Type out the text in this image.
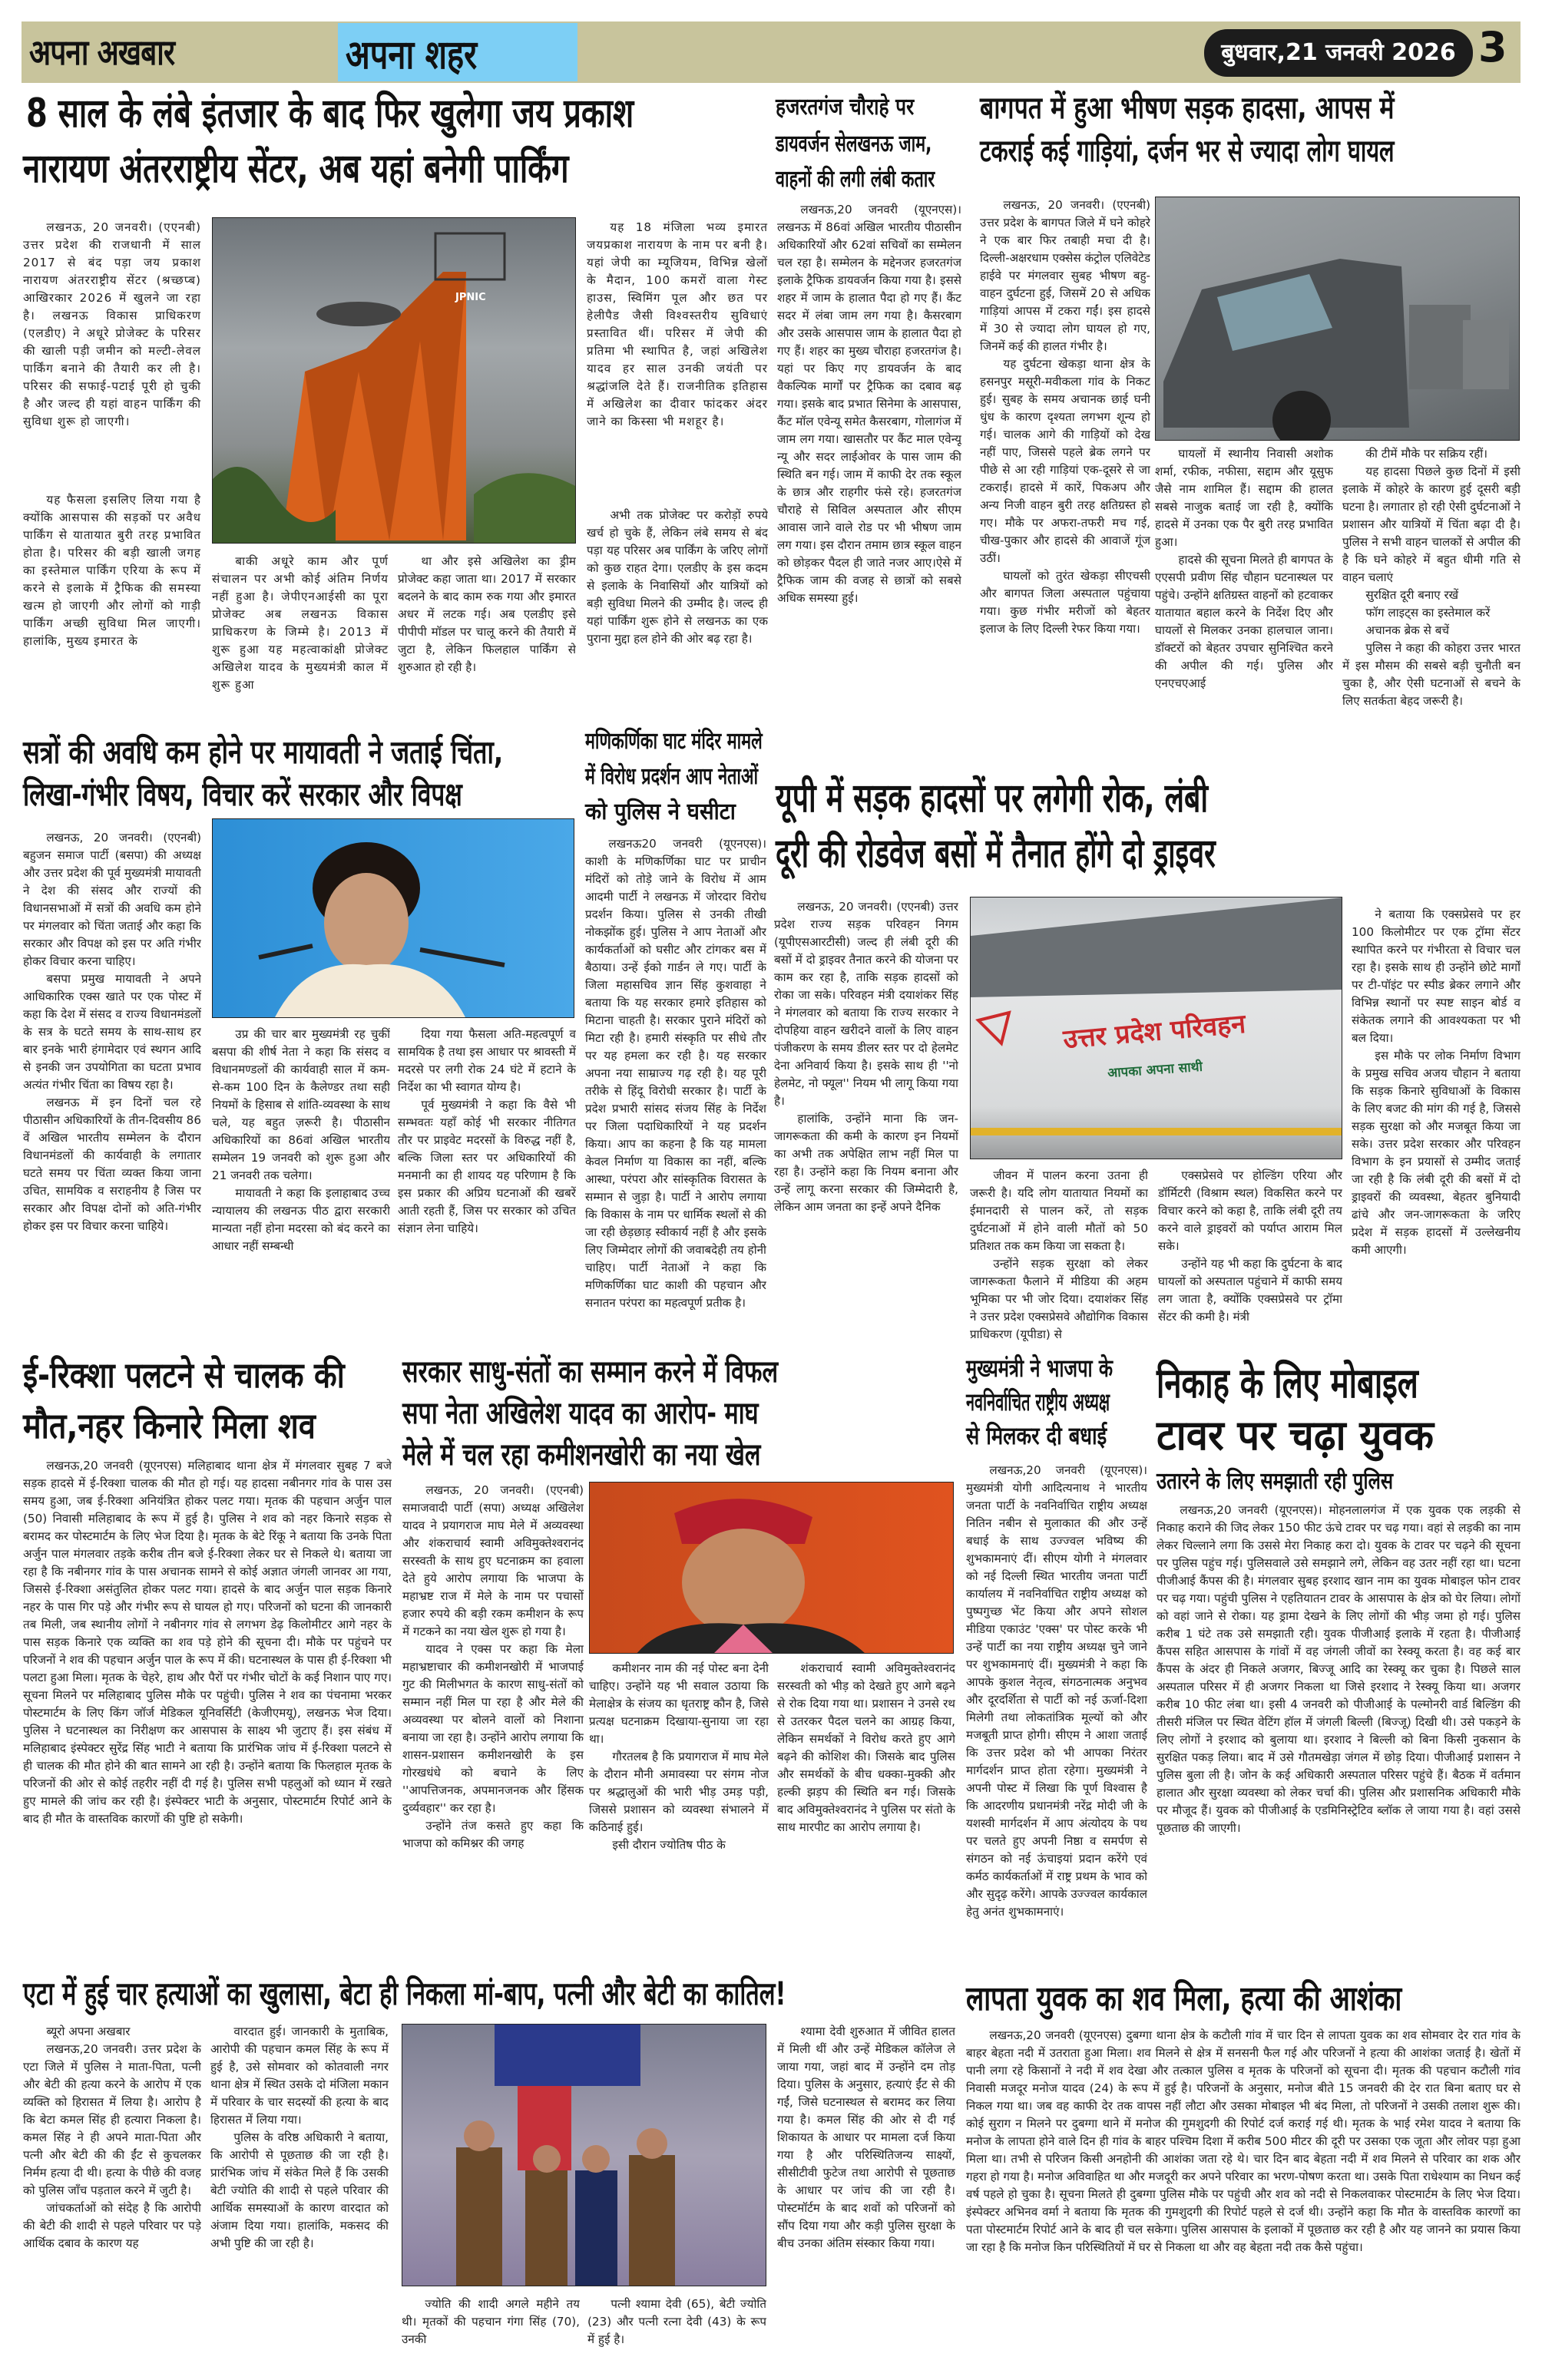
अपना अखबार	अपना शहर	बुधवार,21 जनवरी 2026 3
8 साल के लंबे इंतजार के बाद फिर खुलेगा जय प्रकाश
नारायण अंतरराष्ट्रीय सेंटर, अब यहां बनेगी पार्किंग

लखनऊ, 20 जनवरी। (एएनबी) उत्तर प्रदेश की राजधानी में साल 2017 से बंद पड़ा जय प्रकाश नारायण अंतरराष्ट्रीय सेंटर (श्रच्छप्ब) आखिरकार 2026 में खुलने जा रहा है। लखनऊ विकास प्राधिकरण (एलडीए) ने अधूरे प्रोजेक्ट के परिसर की खाली पड़ी जमीन को मल्टी-लेवल पार्किंग बनाने की तैयारी कर ली है। परिसर की सफाई-पटाई पूरी हो चुकी है और जल्द ही यहां वाहन पार्किंग की सुविधा शुरू हो जाएगी।

यह फैसला इसलिए लिया गया है क्योंकि आसपास की सड़कों पर अवैध पार्किंग से यातायात बुरी तरह प्रभावित होता है। परिसर की बड़ी खाली जगह का इस्तेमाल पार्किंग एरिया के रूप में करने से इलाके में ट्रैफिक की समस्या खत्म हो जाएगी और लोगों को गाड़ी पार्किंग अच्छी सुविधा मिल जाएगी। हालांकि, मुख्य इमारत के

JPNIC

बाकी अधूरे काम और पूर्ण संचालन पर अभी कोई अंतिम निर्णय नहीं हुआ है। जेपीएनआईसी का पूरा प्रोजेक्ट अब लखनऊ विकास प्राधिकरण के जिम्मे है। 2013 में शुरू हुआ यह महत्वाकांक्षी प्रोजेक्ट अखिलेश यादव के मुख्यमंत्री काल में शुरू हुआ

था और इसे अखिलेश का ड्रीम प्रोजेक्ट कहा जाता था। 2017 में सरकार बदलने के बाद काम रुक गया और इमारत अधर में लटक गई। अब एलडीए इसे पीपीपी मॉडल पर चालू करने की तैयारी में जुटा है, लेकिन फिलहाल पार्किंग से शुरुआत हो रही है।

यह 18 मंजिला भव्य इमारत जयप्रकाश नारायण के नाम पर बनी है। यहां जेपी का म्यूजियम, विभिन्न खेलों के मैदान, 100 कमरों वाला गेस्ट हाउस, स्विमिंग पूल और छत पर हेलीपैड जैसी विश्वस्तरीय सुविधाएं प्रस्तावित थीं। परिसर में जेपी की प्रतिमा भी स्थापित है, जहां अखिलेश यादव हर साल उनकी जयंती पर श्रद्धांजलि देते हैं। राजनीतिक इतिहास में अखिलेश का दीवार फांदकर अंदर जाने का किस्सा भी मशहूर है।

अभी तक प्रोजेक्ट पर करोड़ों रुपये खर्च हो चुके हैं, लेकिन लंबे समय से बंद पड़ा यह परिसर अब पार्किंग के जरिए लोगों को कुछ राहत देगा। एलडीए के इस कदम से इलाके के निवासियों और यात्रियों को बड़ी सुविधा मिलने की उम्मीद है। जल्द ही यहां पार्किंग शुरू होने से लखनऊ का एक पुराना मुद्दा हल होने की ओर बढ़ रहा है।

हजरतगंज चौराहे पर
डायवर्जन सेलखनऊ जाम,
वाहनों की लगी लंबी कतार

लखनऊ,20 जनवरी (यूएनएस)। लखनऊ में 86वां अखिल भारतीय पीठासीन अधिकारियों और 62वां सचिवों का सम्मेलन चल रहा है। सम्मेलन के मद्देनजर हजरतगंज इलाके ट्रैफिक डायवर्जन किया गया है। इससे शहर में जाम के हालात पैदा हो गए हैं। कैंट सदर में लंबा जाम लग गया है। कैसरबाग और उसके आसपास जाम के हालात पैदा हो गए हैं। शहर का मुख्य चौराहा हजरतगंज है। यहां पर किए गए डायवर्जन के बाद वैकल्पिक मार्गों पर ट्रैफिक का दबाव बढ़ गया। इसके बाद प्रभात सिनेमा के आसपास, कैंट मॉल एवेन्यू समेत कैसरबाग, गोलागंज में जाम लग गया। खासतौर पर कैंट माल एवेन्यू न्यू और सदर लाईओवर के पास जाम की स्थिति बन गई। जाम में काफी देर तक स्कूल के छात्र और राहगीर फंसे रहे। हजरतगंज चौराहे से सिविल अस्पताल और सीएम आवास जाने वाले रोड पर भी भीषण जाम लग गया। इस दौरान तमाम छात्र स्कूल वाहन को छोड़कर पैदल ही जाते नजर आए।ऐसे में ट्रैफिक जाम की वजह से छात्रों को सबसे अधिक समस्या हुई।

बागपत में हुआ भीषण सड़क हादसा, आपस में
टकराई कई गाड़ियां, दर्जन भर से ज्यादा लोग घायल

लखनऊ, 20 जनवरी। (एएनबी) उत्तर प्रदेश के बागपत जिले में घने कोहरे ने एक बार फिर तबाही मचा दी है। दिल्ली-अक्षरधाम एक्सेस कंट्रोल एलिवेटेड हाईवे पर मंगलवार सुबह भीषण बहु-वाहन दुर्घटना हुई, जिसमें 20 से अधिक गाड़ियां आपस में टकरा गईं। इस हादसे में 30 से ज्यादा लोग घायल हो गए, जिनमें कई की हालत गंभीर है।

यह दुर्घटना खेकड़ा थाना क्षेत्र के हसनपुर मसूरी-मवीकला गांव के निकट हुई। सुबह के समय अचानक छाई घनी धुंध के कारण दृश्यता लगभग शून्य हो गई। चालक आगे की गाड़ियों को देख नहीं पाए, जिससे पहले ब्रेक लगने पर पीछे से आ रही गाड़ियां एक-दूसरे से जा टकराईं। हादसे में कारें, पिकअप और अन्य निजी वाहन बुरी तरह क्षतिग्रस्त हो गए। मौके पर अफरा-तफरी मच गई, चीख-पुकार और हादसे की आवाजें गूंज उठीं।

घायलों को तुरंत खेकड़ा सीएचसी और बागपत जिला अस्पताल पहुंचाया गया। कुछ गंभीर मरीजों को बेहतर इलाज के लिए दिल्ली रेफर किया गया।

घायलों में स्थानीय निवासी अशोक शर्मा, रफीक, नफीसा, सद्दाम और यूसुफ जैसे नाम शामिल हैं। सद्दाम की हालत सबसे नाजुक बताई जा रही है, क्योंकि हादसे में उनका एक पैर बुरी तरह प्रभावित हुआ।

हादसे की सूचना मिलते ही बागपत के एएसपी प्रवीण सिंह चौहान घटनास्थल पर पहुंचे। उन्होंने क्षतिग्रस्त वाहनों को हटवाकर यातायात बहाल करने के निर्देश दिए और घायलों से मिलकर उनका हालचाल जाना। डॉक्टरों को बेहतर उपचार सुनिश्चित करने की अपील की गई। पुलिस और एनएचएआई

की टीमें मौके पर सक्रिय रहीं।

यह हादसा पिछले कुछ दिनों में इसी इलाके में कोहरे के कारण हुई दूसरी बड़ी घटना है। लगातार हो रही ऐसी दुर्घटनाओं ने प्रशासन और यात्रियों में चिंता बढ़ा दी है। पुलिस ने सभी वाहन चालकों से अपील की है कि घने कोहरे में बहुत धीमी गति से वाहन चलाएं

सुरक्षित दूरी बनाए रखें

फॉग लाइट्स का इस्तेमाल करें

अचानक ब्रेक से बचें

पुलिस ने कहा की कोहरा उत्तर भारत में इस मौसम की सबसे बड़ी चुनौती बन चुका है, और ऐसी घटनाओं से बचने के लिए सतर्कता बेहद जरूरी है।

सत्रों की अवधि कम होने पर मायावती ने जताई चिंता,
लिखा-गंभीर विषय, विचार करें सरकार और विपक्ष

लखनऊ, 20 जनवरी। (एएनबी) बहुजन समाज पार्टी (बसपा) की अध्यक्ष और उत्तर प्रदेश की पूर्व मुख्यमंत्री मायावती ने देश की संसद और राज्यों की विधानसभाओं में सत्रों की अवधि कम होने पर मंगलवार को चिंता जताई और कहा कि सरकार और विपक्ष को इस पर अति गंभीर होकर विचार करना चाहिए।

बसपा प्रमुख मायावती ने अपने आधिकारिक एक्स खाते पर एक पोस्ट में कहा कि देश में संसद व राज्य विधानमंडलों के सत्र के घटते समय के साथ-साथ हर बार इनके भारी हंगामेदार एवं स्थगन आदि से इनकी जन उपयोगिता का घटता प्रभाव अत्यंत गंभीर चिंता का विषय रहा है।

लखनऊ में इन दिनों चल रहे पीठासीन अधिकारियों के तीन-दिवसीय 86 वें अखिल भारतीय सम्मेलन के दौरान विधानमंडलों की कार्यवाही के लगातार घटते समय पर चिंता व्यक्त किया जाना उचित, सामयिक व सराहनीय है जिस पर सरकार और विपक्ष दोनों को अति-गंभीर होकर इस पर विचार करना चाहिये।

उप्र की चार बार मुख्यमंत्री रह चुकीं बसपा की शीर्ष नेता ने कहा कि संसद व विधानमण्डलों की कार्यवाही साल में कम-से-कम 100 दिन के कैलेण्डर तथा सही नियमों के हिसाब से शांति-व्यवस्था के साथ चले, यह बहुत ज़रूरी है। पीठासीन अधिकारियों का 86वां अखिल भारतीय सम्मेलन 19 जनवरी को शुरू हुआ और 21 जनवरी तक चलेगा।

मायावती ने कहा कि इलाहाबाद उच्च न्यायालय की लखनऊ पीठ द्वारा सरकारी मान्यता नहीं होना मदरसा को बंद करने का आधार नहीं सम्बन्धी

दिया गया फैसला अति-महत्वपूर्ण व सामयिक है तथा इस आधार पर श्रावस्ती में मदरसे पर लगी रोक 24 घंटे में हटाने के निर्देश का भी स्वागत योग्य है।

पूर्व मुख्यमंत्री ने कहा कि वैसे भी सम्भवतः यहाँ कोई भी सरकार नीतिगत तौर पर प्राइवेट मदरसों के विरुद्ध नहीं है, बल्कि जिला स्तर पर अधिकारियों की मनमानी का ही शायद यह परिणाम है कि इस प्रकार की अप्रिय घटनाओं की खबरें आती रहती हैं, जिस पर सरकार को उचित संज्ञान लेना चाहिये।

मणिकर्णिका घाट मंदिर मामले
में विरोध प्रदर्शन आप नेताओं
को पुलिस ने घसीटा

लखनऊ20 जनवरी (यूएनएस)। काशी के मणिकर्णिका घाट पर प्राचीन मंदिरों को तोड़े जाने के विरोध में आम आदमी पार्टी ने लखनऊ में जोरदार विरोध प्रदर्शन किया। पुलिस से उनकी तीखी नोकझोंक हुई। पुलिस ने आप नेताओं और कार्यकर्ताओं को घसीट और टांगकर बस में बैठाया। उन्हें ईको गार्डन ले गए। पार्टी के जिला महासचिव ज्ञान सिंह कुशवाहा ने बताया कि यह सरकार हमारे इतिहास को मिटाना चाहती है। सरकार पुराने मंदिरों को मिटा रही है। हमारी संस्कृति पर सीधे तौर पर यह हमला कर रही है। यह सरकार अपना नया साम्राज्य गढ़ रही है। यह पूरी तरीके से हिंदू विरोधी सरकार है। पार्टी के प्रदेश प्रभारी सांसद संजय सिंह के निर्देश पर जिला पदाधिकारियों ने यह प्रदर्शन किया। आप का कहना है कि यह मामला केवल निर्माण या विकास का नहीं, बल्कि आस्था, परंपरा और सांस्कृतिक विरासत के सम्मान से जुड़ा है। पार्टी ने आरोप लगाया कि विकास के नाम पर धार्मिक स्थलों से की जा रही छेड़छाड़ स्वीकार्य नहीं है और इसके लिए जिम्मेदार लोगों की जवाबदेही तय होनी चाहिए। पार्टी नेताओं ने कहा कि मणिकर्णिका घाट काशी की पहचान और सनातन परंपरा का महत्वपूर्ण प्रतीक है।

यूपी में सड़क हादसों पर लगेगी रोक, लंबी
दूरी की रोडवेज बसों में तैनात होंगे दो ड्राइवर

लखनऊ, 20 जनवरी। (एएनबी) उत्तर प्रदेश राज्य सड़क परिवहन निगम (यूपीएसआरटीसी) जल्द ही लंबी दूरी की बसों में दो ड्राइवर तैनात करने की योजना पर काम कर रहा है, ताकि सड़क हादसों को रोका जा सके। परिवहन मंत्री दयाशंकर सिंह ने मंगलवार को बताया कि राज्य सरकार ने दोपहिया वाहन खरीदने वालों के लिए वाहन पंजीकरण के समय डीलर स्तर पर दो हेलमेट देना अनिवार्य किया है। इसके साथ ही ''नो हेलमेट, नो फ्यूल'' नियम भी लागू किया गया है।

हालांकि, उन्होंने माना कि जन-जागरूकता की कमी के कारण इन नियमों का अभी तक अपेक्षित लाभ नहीं मिल पा रहा है। उन्होंने कहा कि नियम बनाना और उन्हें लागू करना सरकार की जिम्मेदारी है, लेकिन आम जनता का इन्हें अपने दैनिक

उत्तर प्रदेश परिवहन
आपका अपना साथी

जीवन में पालन करना उतना ही जरूरी है। यदि लोग यातायात नियमों का ईमानदारी से पालन करें, तो सड़क दुर्घटनाओं में होने वाली मौतों को 50 प्रतिशत तक कम किया जा सकता है।

उन्होंने सड़क सुरक्षा को लेकर जागरूकता फैलाने में मीडिया की अहम भूमिका पर भी जोर दिया। दयाशंकर सिंह ने उत्तर प्रदेश एक्सप्रेसवे औद्योगिक विकास प्राधिकरण (यूपीडा) से

एक्सप्रेसवे पर होल्डिंग एरिया और डॉर्मिटरी (विश्राम स्थल) विकसित करने पर विचार करने को कहा है, ताकि लंबी दूरी तय करने वाले ड्राइवरों को पर्याप्त आराम मिल सके।

उन्होंने यह भी कहा कि दुर्घटना के बाद घायलों को अस्पताल पहुंचाने में काफी समय लग जाता है, क्योंकि एक्सप्रेसवे पर ट्रॉमा सेंटर की कमी है। मंत्री

ने बताया कि एक्सप्रेसवे पर हर 100 किलोमीटर पर एक ट्रॉमा सेंटर स्थापित करने पर गंभीरता से विचार चल रहा है। इसके साथ ही उन्होंने छोटे मार्गों पर टी-पॉइंट पर स्पीड ब्रेकर लगाने और विभिन्न स्थानों पर स्पष्ट साइन बोर्ड व संकेतक लगाने की आवश्यकता पर भी बल दिया।

इस मौके पर लोक निर्माण विभाग के प्रमुख सचिव अजय चौहान ने बताया कि सड़क किनारे सुविधाओं के विकास के लिए बजट की मांग की गई है, जिससे सड़क सुरक्षा को और मजबूत किया जा सके। उत्तर प्रदेश सरकार और परिवहन विभाग के इन प्रयासों से उम्मीद जताई जा रही है कि लंबी दूरी की बसों में दो ड्राइवरों की व्यवस्था, बेहतर बुनियादी ढांचे और जन-जागरूकता के जरिए प्रदेश में सड़क हादसों में उल्लेखनीय कमी आएगी।

ई-रिक्शा पलटने से चालक की
मौत,नहर किनारे मिला शव

लखनऊ,20 जनवरी (यूएनएस) मलिहाबाद थाना क्षेत्र में मंगलवार सुबह 7 बजे सड़क हादसे में ई-रिक्शा चालक की मौत हो गई। यह हादसा नबीनगर गांव के पास उस समय हुआ, जब ई-रिक्शा अनियंत्रित होकर पलट गया। मृतक की पहचान अर्जुन पाल (50) निवासी मलिहाबाद के रूप में हुई है। पुलिस ने शव को नहर किनारे सड़क से बरामद कर पोस्टमार्टम के लिए भेज दिया है। मृतक के बेटे रिंकू ने बताया कि उनके पिता अर्जुन पाल मंगलवार तड़के करीब तीन बजे ई-रिक्शा लेकर घर से निकले थे। बताया जा रहा है कि नबीनगर गांव के पास अचानक सामने से कोई अज्ञात जंगली जानवर आ गया, जिससे ई-रिक्शा असंतुलित होकर पलट गया। हादसे के बाद अर्जुन पाल सड़क किनारे नहर के पास गिर पड़े और गंभीर रूप से घायल हो गए। परिजनों को घटना की जानकारी तब मिली, जब स्थानीय लोगों ने नबीनगर गांव से लगभग डेढ़ किलोमीटर आगे नहर के पास सड़क किनारे एक व्यक्ति का शव पड़े होने की सूचना दी। मौके पर पहुंचने पर परिजनों ने शव की पहचान अर्जुन पाल के रूप में की। घटनास्थल के पास ही ई-रिक्शा भी पलटा हुआ मिला। मृतक के चेहरे, हाथ और पैरों पर गंभीर चोटों के कई निशान पाए गए। सूचना मिलने पर मलिहाबाद पुलिस मौके पर पहुंची। पुलिस ने शव का पंचनामा भरकर पोस्टमार्टम के लिए किंग जॉर्ज मेडिकल यूनिवर्सिटी (केजीएमयू), लखनऊ भेज दिया। पुलिस ने घटनास्थल का निरीक्षण कर आसपास के साक्ष्य भी जुटाए हैं। इस संबंध में मलिहाबाद इंस्पेक्टर सुरेंद्र सिंह भाटी ने बताया कि प्रारंभिक जांच में ई-रिक्शा पलटने से ही चालक की मौत होने की बात सामने आ रही है। उन्होंने बताया कि फिलहाल मृतक के परिजनों की ओर से कोई तहरीर नहीं दी गई है। पुलिस सभी पहलुओं को ध्यान में रखते हुए मामले की जांच कर रही है। इंस्पेक्टर भाटी के अनुसार, पोस्टमार्टम रिपोर्ट आने के बाद ही मौत के वास्तविक कारणों की पुष्टि हो सकेगी।

सरकार साधु-संतों का सम्मान करने में विफल
सपा नेता अखिलेश यादव का आरोप- माघ
मेले में चल रहा कमीशनखोरी का नया खेल

लखनऊ, 20 जनवरी। (एएनबी) समाजवादी पार्टी (सपा) अध्यक्ष अखिलेश यादव ने प्रयागराज माघ मेले में अव्यवस्था और शंकराचार्य स्वामी अविमुक्तेश्वरानंद सरस्वती के साथ हुए घटनाक्रम का हवाला देते हुये आरोप लगाया कि भाजपा के महाभ्रष्ट राज में मेले के नाम पर पचासों हजार रुपये की बड़ी रकम कमीशन के रूप में गटकने का नया खेल शुरू हो गया है।

यादव ने एक्स पर कहा कि मेला महाभ्रष्टाचार की कमीशनखोरी में भाजपाई गुट की मिलीभगत के कारण साधु-संतों को सम्मान नहीं मिल पा रहा है और मेले की अव्यवस्था पर बोलने वालों को निशाना बनाया जा रहा है। उन्होंने आरोप लगाया कि शासन-प्रशासन कमीशनखोरी के इस गोरखधंधे को बचाने के लिए ''आपत्तिजनक, अपमानजनक और हिंसक दुर्व्यवहार'' कर रहा है।

उन्होंने तंज कसते हुए कहा कि भाजपा को कमिश्नर की जगह

कमीशनर नाम की नई पोस्ट बना देनी चाहिए। उन्होंने यह भी सवाल उठाया कि मेलाक्षेत्र के संजय का धृतराष्ट्र कौन है, जिसे प्रत्यक्ष घटनाक्रम दिखाया-सुनाया जा रहा था।

गौरतलब है कि प्रयागराज में माघ मेले के दौरान मौनी अमावस्या पर संगम नोज पर श्रद्धालुओं की भारी भीड़ उमड़ पड़ी, जिससे प्रशासन को व्यवस्था संभालने में कठिनाई हुई।

इसी दौरान ज्योतिष पीठ के

शंकराचार्य स्वामी अविमुक्तेश्वरानंद सरस्वती को भीड़ को देखते हुए आगे बढ़ने से रोक दिया गया था। प्रशासन ने उनसे रथ से उतरकर पैदल चलने का आग्रह किया, लेकिन समर्थकों ने विरोध करते हुए आगे बढ़ने की कोशिश की। जिसके बाद पुलिस और समर्थकों के बीच धक्का-मुक्की और हल्की झड़प की स्थिति बन गई। जिसके बाद अविमुक्तेश्वरानंद ने पुलिस पर संतो के साथ मारपीट का आरोप लगाया है।

मुख्यमंत्री ने भाजपा के
नवनिर्वाचित राष्ट्रीय अध्यक्ष
से मिलकर दी बधाई

लखनऊ,20 जनवरी (यूएनएस)। मुख्यमंत्री योगी आदित्यनाथ ने भारतीय जनता पार्टी के नवनिर्वाचित राष्ट्रीय अध्यक्ष नितिन नबीन से मुलाकात की और उन्हें बधाई के साथ उज्ज्वल भविष्य की शुभकामनाएं दीं। सीएम योगी ने मंगलवार को नई दिल्ली स्थित भारतीय जनता पार्टी कार्यालय में नवनिर्वाचित राष्ट्रीय अध्यक्ष को पुष्पगुच्छ भेंट किया और अपने सोशल मीडिया एकाउंट 'एक्स' पर पोस्ट करके भी उन्हें पार्टी का नया राष्ट्रीय अध्यक्ष चुने जाने पर शुभकामनाएं दीं। मुख्यमंत्री ने कहा कि आपके कुशल नेतृत्व, संगठनात्मक अनुभव और दूरदर्शिता से पार्टी को नई ऊर्जा-दिशा मिलेगी तथा लोकतांत्रिक मूल्यों को और मजबूती प्राप्त होगी। सीएम ने आशा जताई कि उत्तर प्रदेश को भी आपका निरंतर मार्गदर्शन प्राप्त होता रहेगा। मुख्यमंत्री ने अपनी पोस्ट में लिखा कि पूर्ण विश्वास है कि आदरणीय प्रधानमंत्री नरेंद्र मोदी जी के यशस्वी मार्गदर्शन में आप अंत्योदय के पथ पर चलते हुए अपनी निष्ठा व समर्पण से संगठन को नई ऊंचाइयां प्रदान करेंगे एवं कर्मठ कार्यकर्ताओं में राष्ट्र प्रथम के भाव को और सुदृढ़ करेंगे। आपके उज्ज्वल कार्यकाल हेतु अनंत शुभकामनाएं।

निकाह के लिए मोबाइल
टावर पर चढ़ा युवक
उतारने के लिए समझाती रही पुलिस

लखनऊ,20 जनवरी (यूएनएस)। मोहनलालगंज में एक युवक एक लड़की से निकाह कराने की जिद लेकर 150 फीट ऊंचे टावर पर चढ़ गया। वहां से लड़की का नाम लेकर चिल्लाने लगा कि उससे मेरा निकाह करा दो। युवक के टावर पर चढ़ने की सूचना पर पुलिस पहुंच गई। पुलिसवाले उसे समझाने लगे, लेकिन वह उतर नहीं रहा था। घटना पीजीआई कैंपस की है। मंगलवार सुबह इरशाद खान नाम का युवक मोबाइल फोन टावर पर चढ़ गया। पहुंची पुलिस ने एहतियातन टावर के आसपास के क्षेत्र को घेर लिया। लोगों को वहां जाने से रोका। यह ड्रामा देखने के लिए लोगों की भीड़ जमा हो गई। पुलिस करीब 1 घंटे तक उसे समझाती रही। युवक पीजीआई इलाके में रहता है। पीजीआई कैंपस सहित आसपास के गांवों में वह जंगली जीवों का रेस्क्यू करता है। वह कई बार कैंपस के अंदर ही निकले अजगर, बिज्जू आदि का रेस्क्यू कर चुका है। पिछले साल अस्पताल परिसर में ही अजगर निकला था जिसे इरशाद ने रेस्क्यू किया था। अजगर करीब 10 फीट लंबा था। इसी 4 जनवरी को पीजीआई के पल्मोनरी वार्ड बिल्डिंग की तीसरी मंजिल पर स्थित वेटिंग हॉल में जंगली बिल्ली (बिज्जू) दिखी थी। उसे पकड़ने के लिए लोगों ने इरशाद को बुलाया था। इरशाद ने बिल्ली को बिना किसी नुकसान के सुरक्षित पकड़ लिया। बाद में उसे गौतमखेड़ा जंगल में छोड़ दिया। पीजीआई प्रशासन ने पुलिस बुला ली है। जोन के कई अधिकारी अस्पताल परिसर पहुंचे हैं। बैठक में वर्तमान हालात और सुरक्षा व्यवस्था को लेकर चर्चा की। पुलिस और प्रशासनिक अधिकारी मौके पर मौजूद हैं। युवक को पीजीआई के एडमिनिस्ट्रेटिव ब्लॉक ले जाया गया है। वहां उससे पूछताछ की जाएगी।

एटा में हुई चार हत्याओं का खुलासा, बेटा ही निकला मां-बाप, पत्नी और बेटी का कातिल!

ब्यूरो अपना अखबार

लखनऊ,20 जनवरी। उत्तर प्रदेश के एटा जिले में पुलिस ने माता-पिता, पत्नी और बेटी की हत्या करने के आरोप में एक व्यक्ति को हिरासत में लिया है। आरोप है कि बेटा कमल सिंह ही हत्यारा निकला है। कमल सिंह ने ही अपने माता-पिता और पत्नी और बेटी की की ईंट से कुचलकर निर्मम हत्या दी थी। हत्या के पीछे की वजह को पुलिस जाँच पड़ताल करने में जुटी है।

जांचकर्ताओं को संदेह है कि आरोपी की बेटी की शादी से पहले परिवार पर पड़े आर्थिक दबाव के कारण यह

वारदात हुई। जानकारी के मुताबिक, आरोपी की पहचान कमल सिंह के रूप में हुई है, उसे सोमवार को कोतवाली नगर थाना क्षेत्र में स्थित उसके दो मंजिला मकान में परिवार के चार सदस्यों की हत्या के बाद हिरासत में लिया गया।

पुलिस के वरिष्ठ अधिकारी ने बताया, कि आरोपी से पूछताछ की जा रही है। प्रारंभिक जांच में संकेत मिले हैं कि उसकी बेटी ज्योति की शादी से पहले परिवार की आर्थिक समस्याओं के कारण वारदात को अंजाम दिया गया। हालांकि, मकसद की अभी पुष्टि की जा रही है।

ज्योति की शादी अगले महीने तय थी। मृतकों की पहचान गंगा सिंह (70), उनकी

पत्नी श्यामा देवी (65), बेटी ज्योति (23) और पत्नी रत्ना देवी (43) के रूप में हुई है।

श्यामा देवी शुरुआत में जीवित हालत में मिली थीं और उन्हें मेडिकल कॉलेज ले जाया गया, जहां बाद में उन्होंने दम तोड़ दिया। पुलिस के अनुसार, हत्याएं ईंट से की गईं, जिसे घटनास्थल से बरामद कर लिया गया है। कमल सिंह की ओर से दी गई शिकायत के आधार पर मामला दर्ज किया गया है और परिस्थितिजन्य साक्ष्यों, सीसीटीवी फुटेज तथा आरोपी से पूछताछ के आधार पर जांच की जा रही है। पोस्टमॉर्टम के बाद शवों को परिजनों को सौंप दिया गया और कड़ी पुलिस सुरक्षा के बीच उनका अंतिम संस्कार किया गया।

लापता युवक का शव मिला, हत्या की आशंका

लखनऊ,20 जनवरी (यूएनएस) दुबग्गा थाना क्षेत्र के कटौली गांव में चार दिन से लापता युवक का शव सोमवार देर रात गांव के बाहर बेहता नदी में उतराता हुआ मिला। शव मिलने से क्षेत्र में सनसनी फैल गई और परिजनों ने हत्या की आशंका जताई है। खेतों में पानी लगा रहे किसानों ने नदी में शव देखा और तत्काल पुलिस व मृतक के परिजनों को सूचना दी। मृतक की पहचान कटौली गांव निवासी मजदूर मनोज यादव (24) के रूप में हुई है। परिजनों के अनुसार, मनोज बीते 15 जनवरी की देर रात बिना बताए घर से निकल गया था। जब वह काफी देर तक वापस नहीं लौटा और उसका मोबाइल भी बंद मिला, तो परिजनों ने उसकी तलाश शुरू की। कोई सुराग न मिलने पर दुबग्गा थाने में मनोज की गुमशुदगी की रिपोर्ट दर्ज कराई गई थी। मृतक के भाई रमेश यादव ने बताया कि मनोज के लापता होने वाले दिन ही गांव के बाहर पश्चिम दिशा में करीब 500 मीटर की दूरी पर उसका एक जूता और लोवर पड़ा हुआ मिला था। तभी से परिजन किसी अनहोनी की आशंका जता रहे थे। चार दिन बाद बेहता नदी में शव मिलने से परिवार का शक और गहरा हो गया है। मनोज अविवाहित था और मजदूरी कर अपने परिवार का भरण-पोषण करता था। उसके पिता राधेश्याम का निधन कई वर्ष पहले हो चुका है। सूचना मिलते ही दुबग्गा पुलिस मौके पर पहुंची और शव को नदी से निकलवाकर पोस्टमार्टम के लिए भेज दिया। इंस्पेक्टर अभिनव वर्मा ने बताया कि मृतक की गुमशुदगी की रिपोर्ट पहले से दर्ज थी। उन्होंने कहा कि मौत के वास्तविक कारणों का पता पोस्टमार्टम रिपोर्ट आने के बाद ही चल सकेगा। पुलिस आसपास के इलाकों में पूछताछ कर रही है और यह जानने का प्रयास किया जा रहा है कि मनोज किन परिस्थितियों में घर से निकला था और वह बेहता नदी तक कैसे पहुंचा।
